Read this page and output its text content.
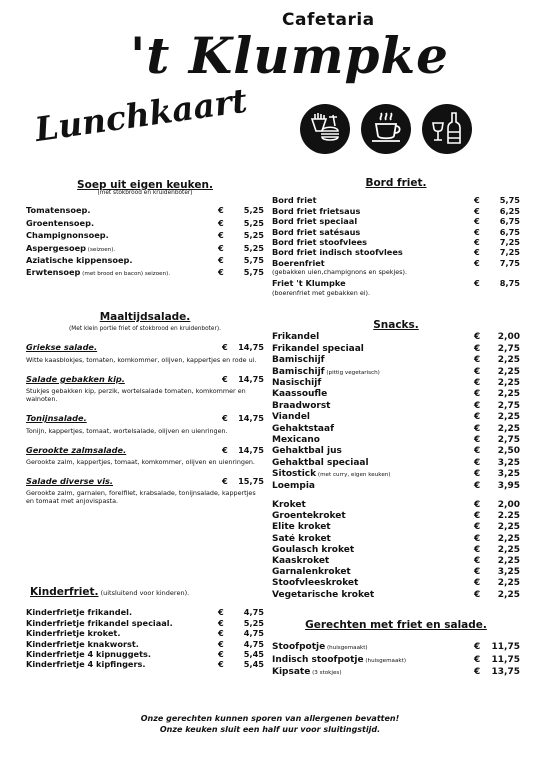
Cafetaria
't Klumpke
Lunchkaart
Soep uit eigen keuken.
(met stokbrood en kruidenboter)
Tomatensoep.	€	5,25
Groentensoep.	€	5,25
Champignonsoep.	€	5,25
Aspergesoep (seizoen).	€	5,25
Aziatische kippensoep.	€	5,75
Erwtensoep (met brood en bacon) seizoen).	€	5,75
Maaltijdsalade.
(Met klein portie friet of stokbrood en kruidenboter).
Griekse salade.	€	14,75
Witte kaasblokjes, tomaten, komkommer, olijven, kappertjes en rode ui.
Salade gebakken kip.	€	14,75
Stukjes gebakken kip, perzik, wortelsalade tomaten, komkommer en walnoten.
Tonijnsalade.	€	14,75
Tonijn, kappertjes, tomaat, wortelsalade, olijven en uienringen.
Gerookte zalmsalade.	€	14,75
Gerookte zalm, kappertjes, tomaat, komkommer, olijven en uienringen.
Salade diverse vis.	€	15,75
Gerookte zalm, garnalen, forelfilet, krabsalade, tonijnsalade, kappertjes en tomaat met anjovispasta.
Kinderfriet. (uitsluitend voor kinderen).
Kinderfrietje frikandel.	€	4,75
Kinderfrietje frikandel speciaal.	€	5,25
Kinderfrietje kroket.	€	4,75
Kinderfrietje knakworst.	€	4,75
Kinderfrietje 4 kipnuggets.	€	5,45
Kinderfrietje 4 kipfingers.	€	5,45
Bord friet.
Bord friet	€	5,75
Bord friet frietsaus	€	6,25
Bord friet speciaal	€	6,75
Bord friet satésaus	€	6,75
Bord friet stoofvlees	€	7,25
Bord friet indisch stoofvlees	€	7,25
Boerenfriet	€	7,75
(gebakken uien,champignons en spekjes).
Friet 't Klumpke	€	8,75
(boerenfriet met gebakken ei).
Snacks.
Frikandel	€	2,00
Frikandel speciaal	€	2,75
Bamischijf	€	2,25
Bamischijf (pittig vegetarisch)	€	2,25
Nasischijf	€	2,25
Kaassoufle	€	2,25
Braadworst	€	2,75
Viandel	€	2,25
Gehaktstaaf	€	2,25
Mexicano	€	2,75
Gehaktbal jus	€	2,50
Gehaktbal speciaal	€	3,25
Sitostick (met curry, eigen keuken)	€	3,25
Loempia	€	3,95
Kroket	€	2,00
Groentekroket	€	2.25
Elite kroket	€	2,25
Saté kroket	€	2,25
Goulasch kroket	€	2,25
Kaaskroket	€	2,25
Garnalenkroket	€	3,25
Stoofvleeskroket	€	2,25
Vegetarische kroket	€	2,25
Gerechten met friet en salade.
Stoofpotje (huisgemaakt)	€	11,75
Indisch stoofpotje (huisgemaakt)	€	11,75
Kipsate (3 stokjes)	€	13,75
Onze gerechten kunnen sporen van allergenen bevatten!
Onze keuken sluit een half uur voor sluitingstijd.
